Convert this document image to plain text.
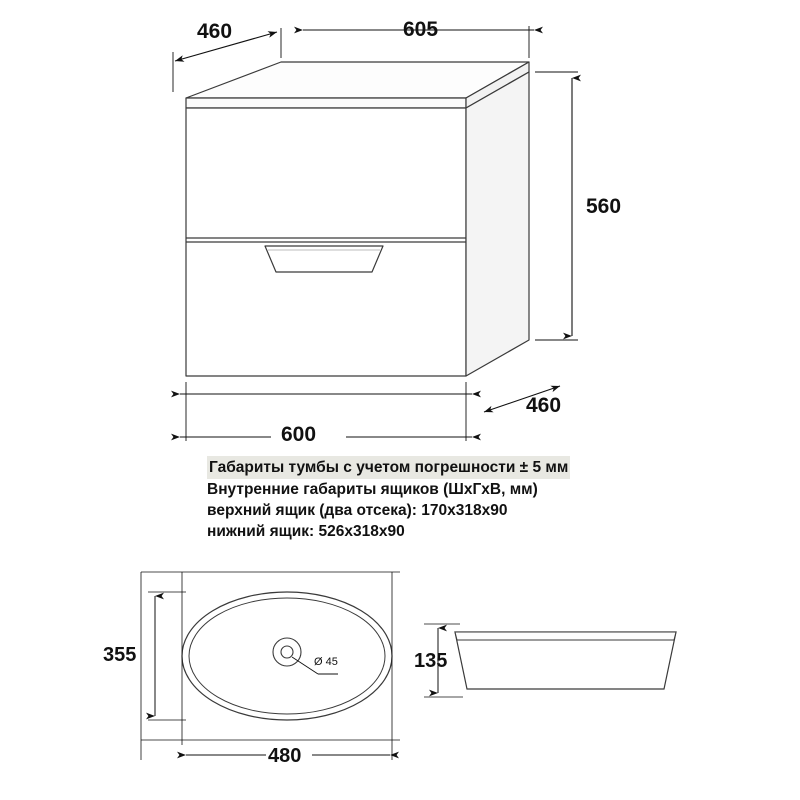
460	605
560
460
600
Габариты тумбы с учетом погрешности ± 5 мм
Внутренние габариты ящиков (ШхГхВ, мм)
верхний ящик (два отсека): 170х318х90
нижний ящик: 526х318х90
355
480
Ø 45	135
